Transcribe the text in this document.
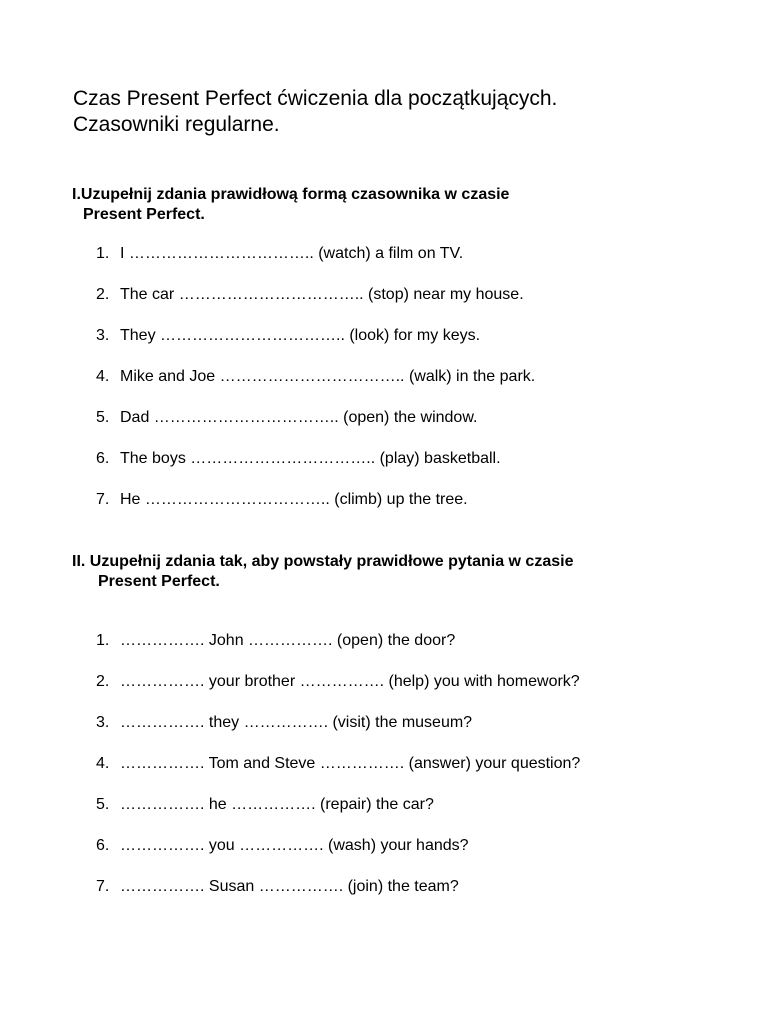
Czas Present Perfect ćwiczenia dla początkujących.
Czasowniki regularne.
I.Uzupełnij zdania prawidłową formą czasownika w czasie
Present Perfect.
1. I …………………………….. (watch) a film on TV.
2. The car …………………………….. (stop) near my house.
3. They …………………………….. (look) for my keys.
4. Mike and Joe …………………………….. (walk) in the park.
5. Dad …………………………….. (open) the window.
6. The boys …………………………….. (play) basketball.
7. He …………………………….. (climb) up the tree.
II. Uzupełnij zdania tak, aby powstały prawidłowe pytania w czasie
Present Perfect.
1. ……………. John ……………. (open) the door?
2. ……………. your brother ……………. (help) you with homework?
3. ……………. they ……………. (visit) the museum?
4. ……………. Tom and Steve ……………. (answer) your question?
5. ……………. he ……………. (repair) the car?
6. ……………. you ……………. (wash) your hands?
7. ……………. Susan ……………. (join) the team?
